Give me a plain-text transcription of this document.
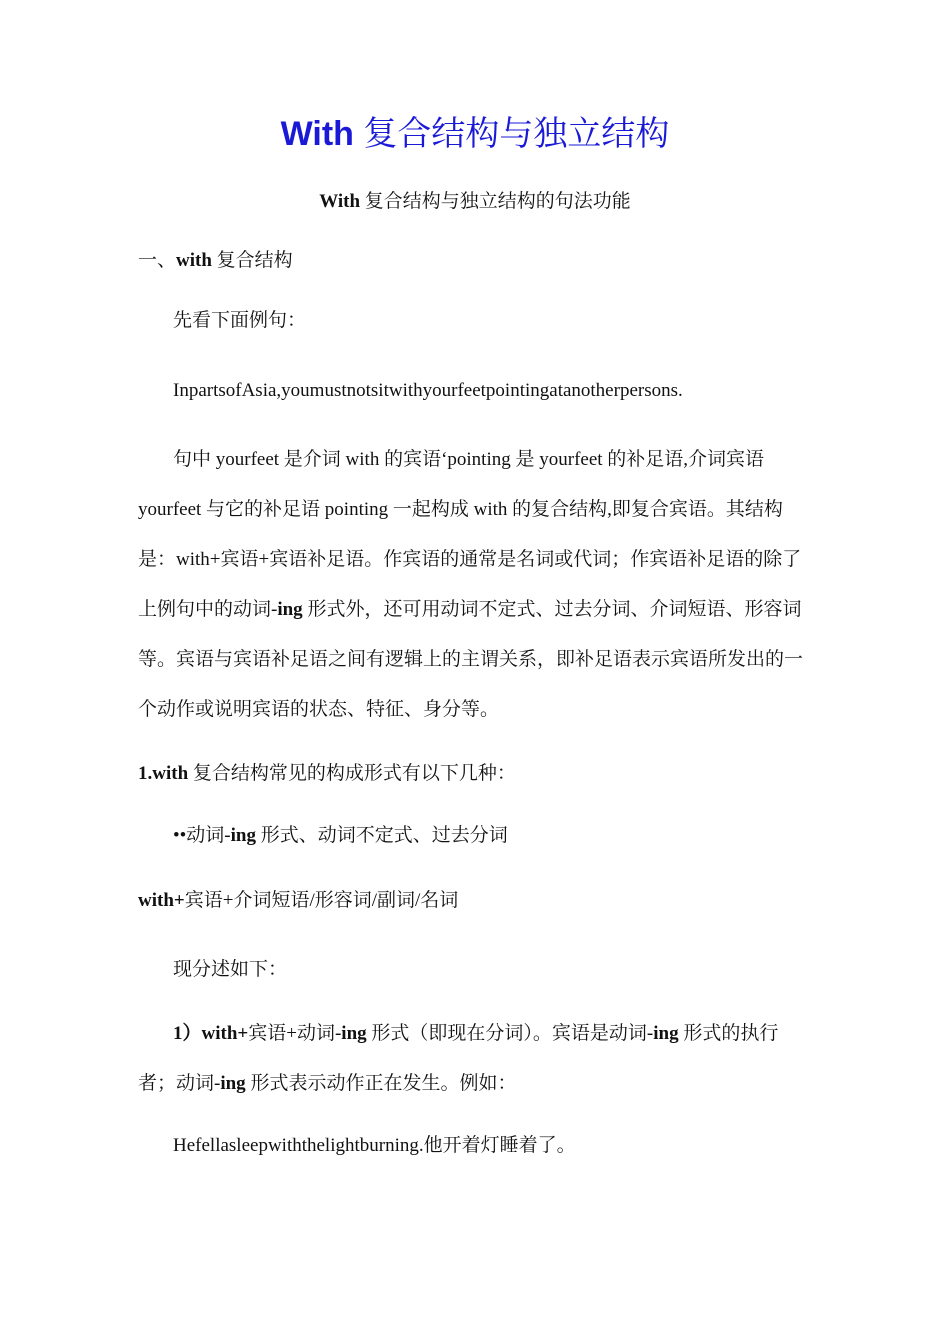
With 复合结构与独立结构
With 复合结构与独立结构的句法功能
一、with 复合结构
先看下面例句：
InpartsofAsia,youmustnotsitwithyourfeetpointingatanotherpersons.
句中 yourfeet 是介词 with 的宾语‘pointing 是 yourfeet 的补足语,介词宾语
yourfeet 与它的补足语 pointing 一起构成 with 的复合结构,即复合宾语。其结构
是：with+宾语+宾语补足语。作宾语的通常是名词或代词；作宾语补足语的除了
上例句中的动词-ing 形式外，还可用动词不定式、过去分词、介词短语、形容词
等。宾语与宾语补足语之间有逻辑上的主谓关系，即补足语表示宾语所发出的一
个动作或说明宾语的状态、特征、身分等。
1.with 复合结构常见的构成形式有以下几种：
••动词-ing 形式、动词不定式、过去分词
with+宾语+介词短语/形容词/副词/名词
现分述如下：
1）with+宾语+动词-ing 形式（即现在分词）。宾语是动词-ing 形式的执行
者；动词-ing 形式表示动作正在发生。例如：
Hefellasleepwiththelightburning.他开着灯睡着了。
